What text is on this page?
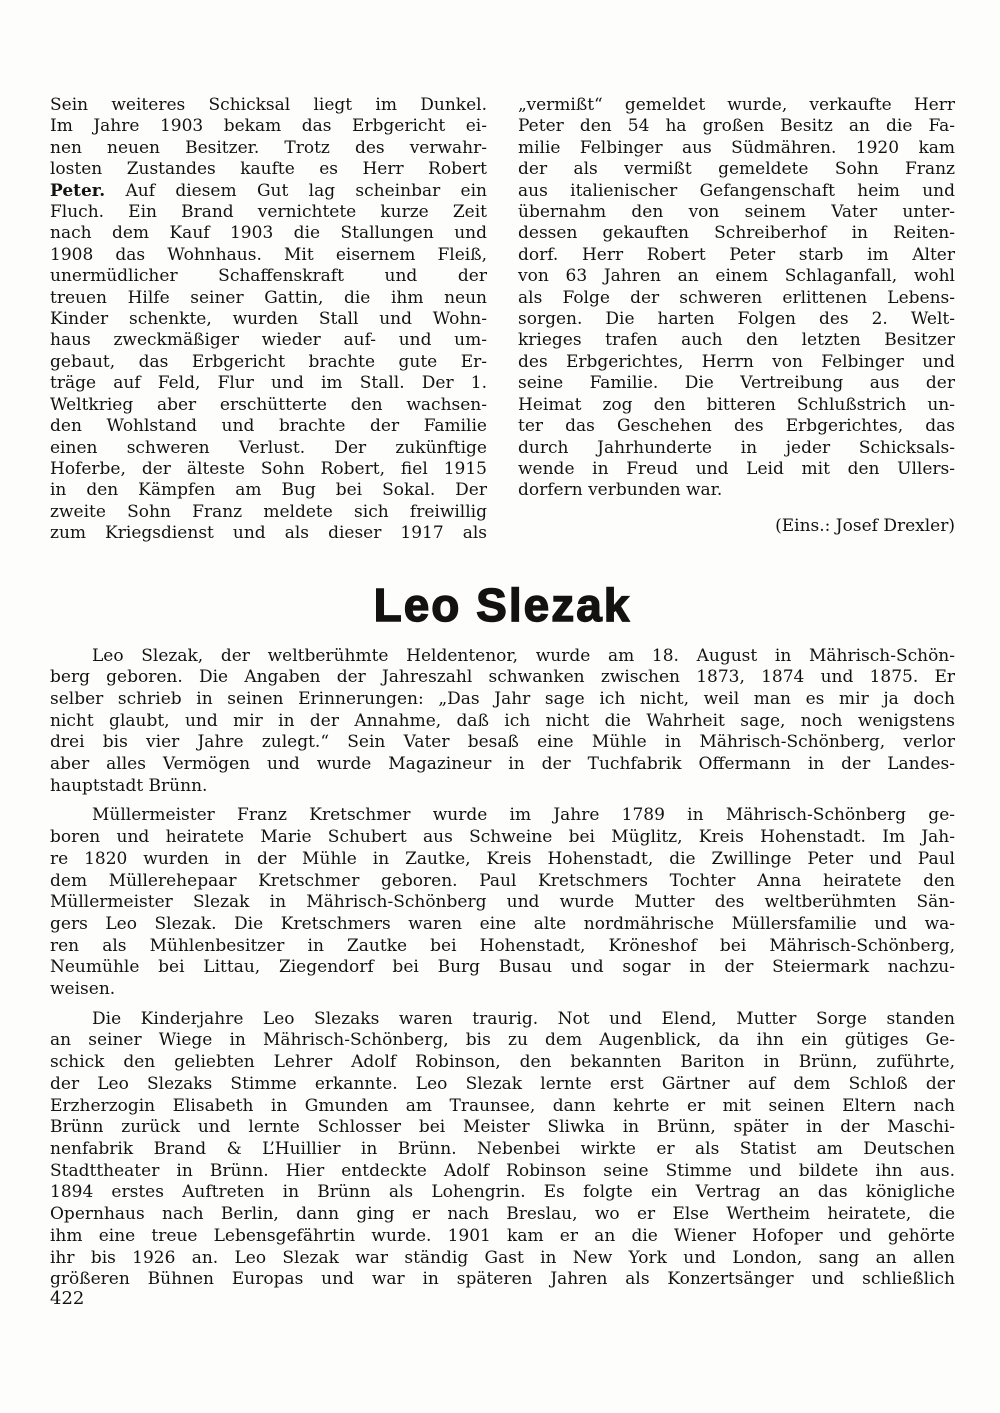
Sein weiteres Schicksal liegt im Dunkel.
Im Jahre 1903 bekam das Erbgericht ei-
nen neuen Besitzer. Trotz des verwahr-
losten Zustandes kaufte es Herr Robert
Peter. Auf diesem Gut lag scheinbar ein
Fluch. Ein Brand vernichtete kurze Zeit
nach dem Kauf 1903 die Stallungen und
1908 das Wohnhaus. Mit eisernem Fleiß,
unermüdlicher Schaffenskraft und der
treuen Hilfe seiner Gattin, die ihm neun
Kinder schenkte, wurden Stall und Wohn-
haus zweckmäßiger wieder auf- und um-
gebaut, das Erbgericht brachte gute Er-
träge auf Feld, Flur und im Stall. Der 1.
Weltkrieg aber erschütterte den wachsen-
den Wohlstand und brachte der Familie
einen schweren Verlust. Der zukünftige
Hoferbe, der älteste Sohn Robert, fiel 1915
in den Kämpfen am Bug bei Sokal. Der
zweite Sohn Franz meldete sich freiwillig
zum Kriegsdienst und als dieser 1917 als
„vermißt“ gemeldet wurde, verkaufte Herr
Peter den 54 ha großen Besitz an die Fa-
milie Felbinger aus Südmähren. 1920 kam
der als vermißt gemeldete Sohn Franz
aus italienischer Gefangenschaft heim und
übernahm den von seinem Vater unter-
dessen gekauften Schreiberhof in Reiten-
dorf. Herr Robert Peter starb im Alter
von 63 Jahren an einem Schlaganfall, wohl
als Folge der schweren erlittenen Lebens-
sorgen. Die harten Folgen des 2. Welt-
krieges trafen auch den letzten Besitzer
des Erbgerichtes, Herrn von Felbinger und
seine Familie. Die Vertreibung aus der
Heimat zog den bitteren Schlußstrich un-
ter das Geschehen des Erbgerichtes, das
durch Jahrhunderte in jeder Schicksals-
wende in Freud und Leid mit den Ullers-
dorfern verbunden war.
(Eins.: Josef Drexler)
Leo Slezak
Leo Slezak, der weltberühmte Heldentenor, wurde am 18. August in Mährisch-Schön-
berg geboren. Die Angaben der Jahreszahl schwanken zwischen 1873, 1874 und 1875. Er
selber schrieb in seinen Erinnerungen: „Das Jahr sage ich nicht, weil man es mir ja doch
nicht glaubt, und mir in der Annahme, daß ich nicht die Wahrheit sage, noch wenigstens
drei bis vier Jahre zulegt.“ Sein Vater besaß eine Mühle in Mährisch-Schönberg, verlor
aber alles Vermögen und wurde Magazineur in der Tuchfabrik Offermann in der Landes-
hauptstadt Brünn.
Müllermeister Franz Kretschmer wurde im Jahre 1789 in Mährisch-Schönberg ge-
boren und heiratete Marie Schubert aus Schweine bei Müglitz, Kreis Hohenstadt. Im Jah-
re 1820 wurden in der Mühle in Zautke, Kreis Hohenstadt, die Zwillinge Peter und Paul
dem Müllerehepaar Kretschmer geboren. Paul Kretschmers Tochter Anna heiratete den
Müllermeister Slezak in Mährisch-Schönberg und wurde Mutter des weltberühmten Sän-
gers Leo Slezak. Die Kretschmers waren eine alte nordmährische Müllersfamilie und wa-
ren als Mühlenbesitzer in Zautke bei Hohenstadt, Kröneshof bei Mährisch-Schönberg,
Neumühle bei Littau, Ziegendorf bei Burg Busau und sogar in der Steiermark nachzu-
weisen.
Die Kinderjahre Leo Slezaks waren traurig. Not und Elend, Mutter Sorge standen
an seiner Wiege in Mährisch-Schönberg, bis zu dem Augenblick, da ihn ein gütiges Ge-
schick den geliebten Lehrer Adolf Robinson, den bekannten Bariton in Brünn, zuführte,
der Leo Slezaks Stimme erkannte. Leo Slezak lernte erst Gärtner auf dem Schloß der
Erzherzogin Elisabeth in Gmunden am Traunsee, dann kehrte er mit seinen Eltern nach
Brünn zurück und lernte Schlosser bei Meister Sliwka in Brünn, später in der Maschi-
nenfabrik Brand & L’Huillier in Brünn. Nebenbei wirkte er als Statist am Deutschen
Stadttheater in Brünn. Hier entdeckte Adolf Robinson seine Stimme und bildete ihn aus.
1894 erstes Auftreten in Brünn als Lohengrin. Es folgte ein Vertrag an das königliche
Opernhaus nach Berlin, dann ging er nach Breslau, wo er Else Wertheim heiratete, die
ihm eine treue Lebensgefährtin wurde. 1901 kam er an die Wiener Hofoper und gehörte
ihr bis 1926 an. Leo Slezak war ständig Gast in New York und London, sang an allen
größeren Bühnen Europas und war in späteren Jahren als Konzertsänger und schließlich
422
